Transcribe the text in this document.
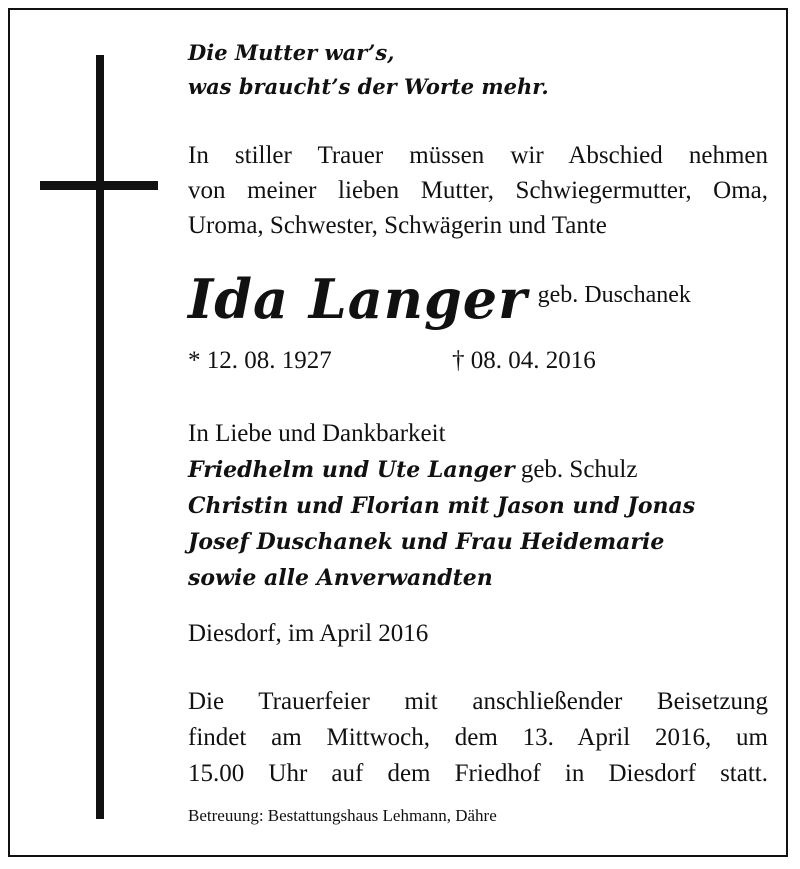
Die Mutter war’s,
was braucht’s der Worte mehr.
In stiller Trauer müssen wir Abschied nehmen
von meiner lieben Mutter, Schwiegermutter, Oma,
Uroma, Schwester, Schwägerin und Tante
Ida Langer geb. Duschanek
* 12. 08. 1927	† 08. 04. 2016
In Liebe und Dankbarkeit
Friedhelm und Ute Langer geb. Schulz
Christin und Florian mit Jason und Jonas
Josef Duschanek und Frau Heidemarie
sowie alle Anverwandten
Diesdorf, im April 2016
Die Trauerfeier mit anschließender Beisetzung
findet am Mittwoch, dem 13. April 2016, um
15.00 Uhr auf dem Friedhof in Diesdorf statt.
Betreuung: Bestattungshaus Lehmann, Dähre
